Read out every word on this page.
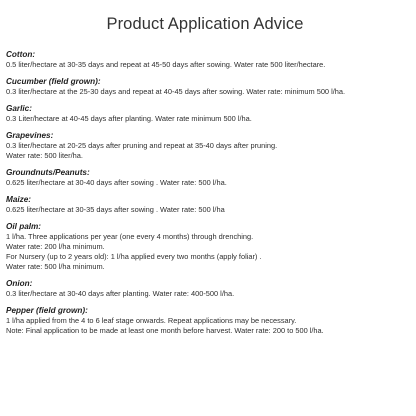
Product Application Advice

Cotton:

0.5 liter/hectare at 30-35 days and repeat at 45-50 days after sowing. Water rate 500 liter/hectare.

Cucumber (field grown):

0.3 liter/hectare at the 25-30 days and repeat at 40-45 days after sowing. Water rate: minimum 500 l/ha.

Garlic:

0.3 Liter/hectare at 40-45 days after planting. Water rate minimum 500 l/ha.

Grapevines:

0.3 liter/hectare at 20-25 days after pruning and repeat at 35-40 days after pruning.

Water rate: 500 liter/ha.

Groundnuts/Peanuts:

0.625 liter/hectare at 30-40 days after sowing . Water rate: 500 l/ha.

Maize:

0.625 liter/hectare at 30-35 days after sowing . Water rate: 500 l/ha

Oil palm:

1 l/ha. Three applications per year (one every 4 months) through drenching.

Water rate: 200 l/ha minimum.

For Nursery (up to 2 years old): 1 l/ha applied every two months (apply foliar) .

Water rate: 500 l/ha minimum.

Onion:

0.3 liter/hectare at 30-40 days after planting. Water rate: 400-500 l/ha.

Pepper (field grown):

1 l/ha applied from the 4 to 6 leaf stage onwards. Repeat applications may be necessary.

Note: Final application to be made at least one month before harvest. Water rate: 200 to 500 l/ha.
